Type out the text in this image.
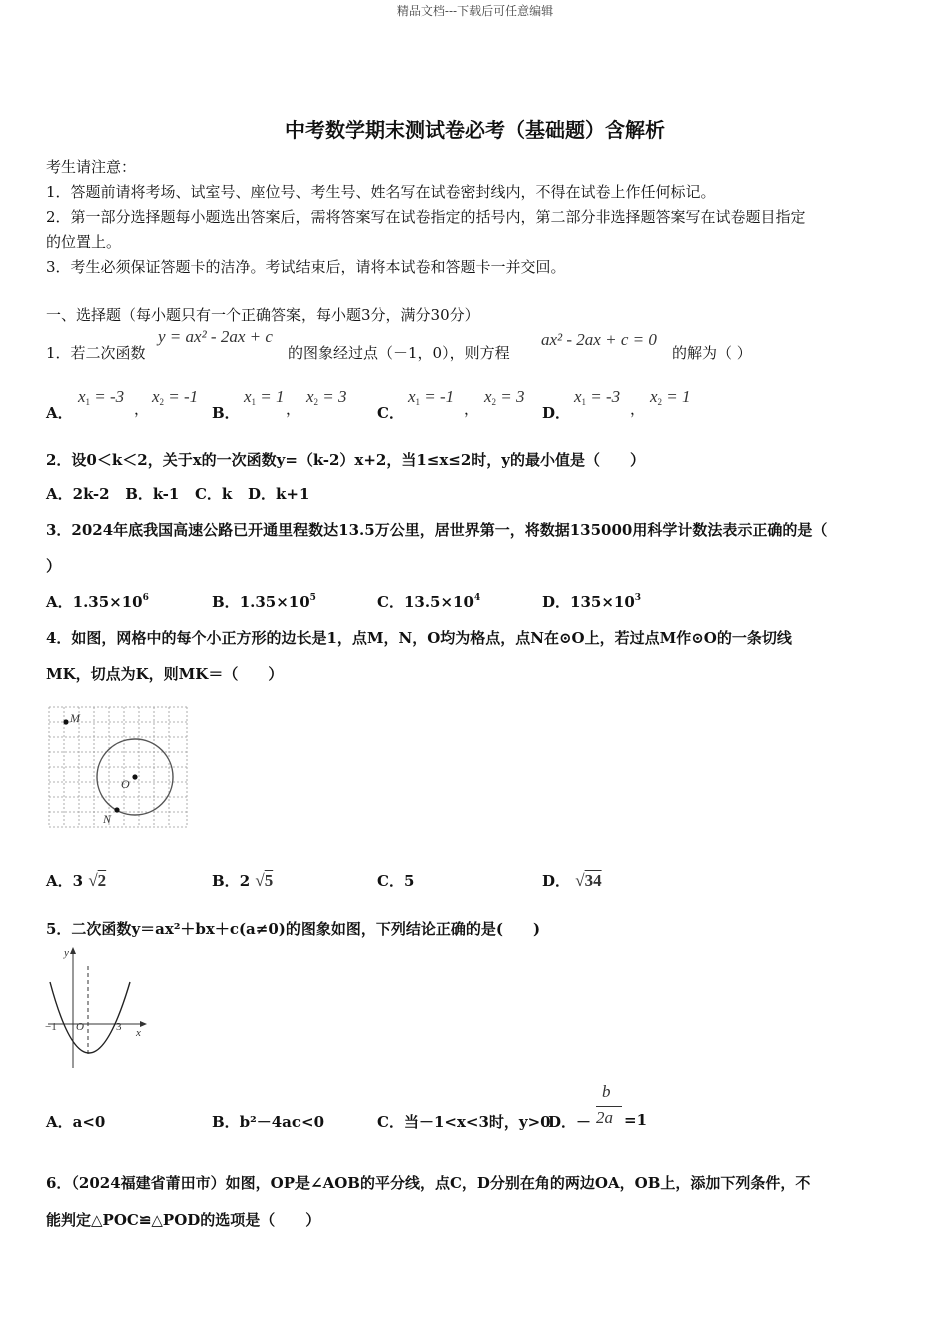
精品文档---下载后可任意编辑
中考数学期末测试卷必考（基础题）含解析
考生请注意：
1．答题前请将考场、试室号、座位号、考生号、姓名写在试卷密封线内，不得在试卷上作任何标记。
2．第一部分选择题每小题选出答案后，需将答案写在试卷指定的括号内，第二部分非选择题答案写在试卷题目指定
的位置上。
3．考生必须保证答题卡的洁净。考试结束后，请将本试卷和答题卡一并交回。
一、选择题（每小题只有一个正确答案，每小题3分，满分30分）
1．若二次函数
y = ax² - 2ax + c
的图象经过点（－1，0），则方程
ax² - 2ax + c = 0
的解为（ ）
A．
$x_1 = -3$
，
$x_2 = -1$
B．
$x_1 = 1$
，
$x_2 = 3$
C．
$x_1 = -1$
，
$x_2 = 3$
D．
$x_1 = -3$
，
$x_2 = 1$
2．设0＜k＜2，关于x的一次函数y=（k-2）x+2，当1≤x≤2时，y的最小值是（　　）
A．2k-2   B．k-1   C．k   D．k+1
3．2024年底我国高速公路已开通里程数达13.5万公里，居世界第一，将数据135000用科学计数法表示正确的是（
）
A．$1.35\times 10^6$	B．$1.35\times 10^5$	C．$13.5\times 10^4$	D．$135\times 10^3$
4．如图，网格中的每个小正方形的边长是1，点M，N，O均为格点，点N在⊙O上，若过点M作⊙O的一条切线
MK，切点为K，则MK＝（　　）
M
O
N
A．3 √2	B．2 √5	C．5	D． √34
5．二次函数y＝ax²＋bx＋c(a≠0)的图象如图，下列结论正确的是(　　)
y
x
−1 O	3
A．a<0	B．b²－4ac<0	C．当－1<x<3时，y>0
D．－
b
2a =1
6．（2024福建省莆田市）如图，OP是∠AOB的平分线，点C，D分别在角的两边OA，OB上，添加下列条件，不
能判定△POC≌△POD的选项是（　　）
